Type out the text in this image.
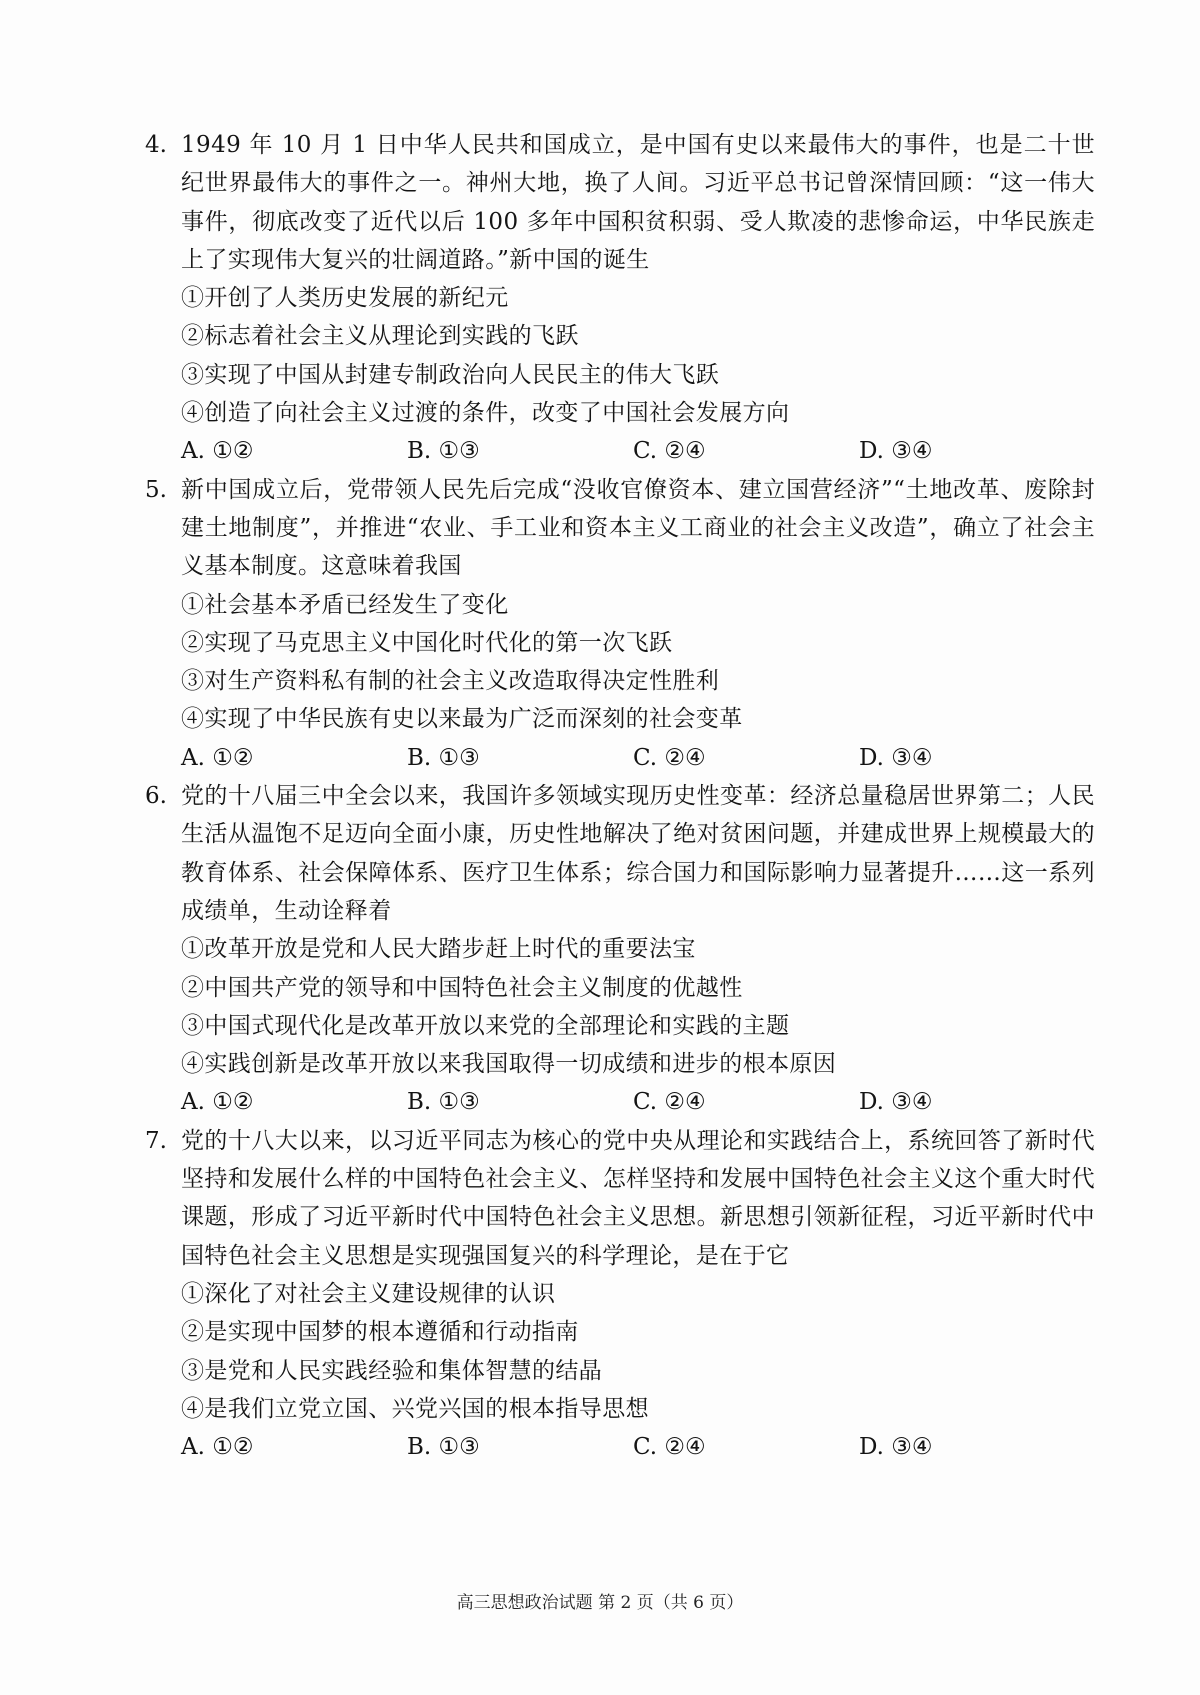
4. 1949 年 10 月 1 日中华人民共和国成立，是中国有史以来最伟大的事件，也是二十世纪世界最伟大的事件之一。神州大地，换了人间。习近平总书记曾深情回顾：“这一伟大事件，彻底改变了近代以后 100 多年中国积贫积弱、受人欺凌的悲惨命运，中华民族走上了实现伟大复兴的壮阔道路。”新中国的诞生
①开创了人类历史发展的新纪元
②标志着社会主义从理论到实践的飞跃
③实现了中国从封建专制政治向人民民主的伟大飞跃
④创造了向社会主义过渡的条件，改变了中国社会发展方向
A. ①②	B. ①③	C. ②④	D. ③④
5. 新中国成立后，党带领人民先后完成“没收官僚资本、建立国营经济”“土地改革、废除封建土地制度”，并推进“农业、手工业和资本主义工商业的社会主义改造”，确立了社会主义基本制度。这意味着我国
①社会基本矛盾已经发生了变化
②实现了马克思主义中国化时代化的第一次飞跃
③对生产资料私有制的社会主义改造取得决定性胜利
④实现了中华民族有史以来最为广泛而深刻的社会变革
A. ①②	B. ①③	C. ②④	D. ③④
6. 党的十八届三中全会以来，我国许多领域实现历史性变革：经济总量稳居世界第二；人民生活从温饱不足迈向全面小康，历史性地解决了绝对贫困问题，并建成世界上规模最大的教育体系、社会保障体系、医疗卫生体系；综合国力和国际影响力显著提升……这一系列成绩单，生动诠释着
①改革开放是党和人民大踏步赶上时代的重要法宝
②中国共产党的领导和中国特色社会主义制度的优越性
③中国式现代化是改革开放以来党的全部理论和实践的主题
④实践创新是改革开放以来我国取得一切成绩和进步的根本原因
A. ①②	B. ①③	C. ②④	D. ③④
7. 党的十八大以来，以习近平同志为核心的党中央从理论和实践结合上，系统回答了新时代坚持和发展什么样的中国特色社会主义、怎样坚持和发展中国特色社会主义这个重大时代课题，形成了习近平新时代中国特色社会主义思想。新思想引领新征程，习近平新时代中国特色社会主义思想是实现强国复兴的科学理论，是在于它
①深化了对社会主义建设规律的认识
②是实现中国梦的根本遵循和行动指南
③是党和人民实践经验和集体智慧的结晶
④是我们立党立国、兴党兴国的根本指导思想
A. ①②	B. ①③	C. ②④	D. ③④
高三思想政治试题 第 2 页（共 6 页）
